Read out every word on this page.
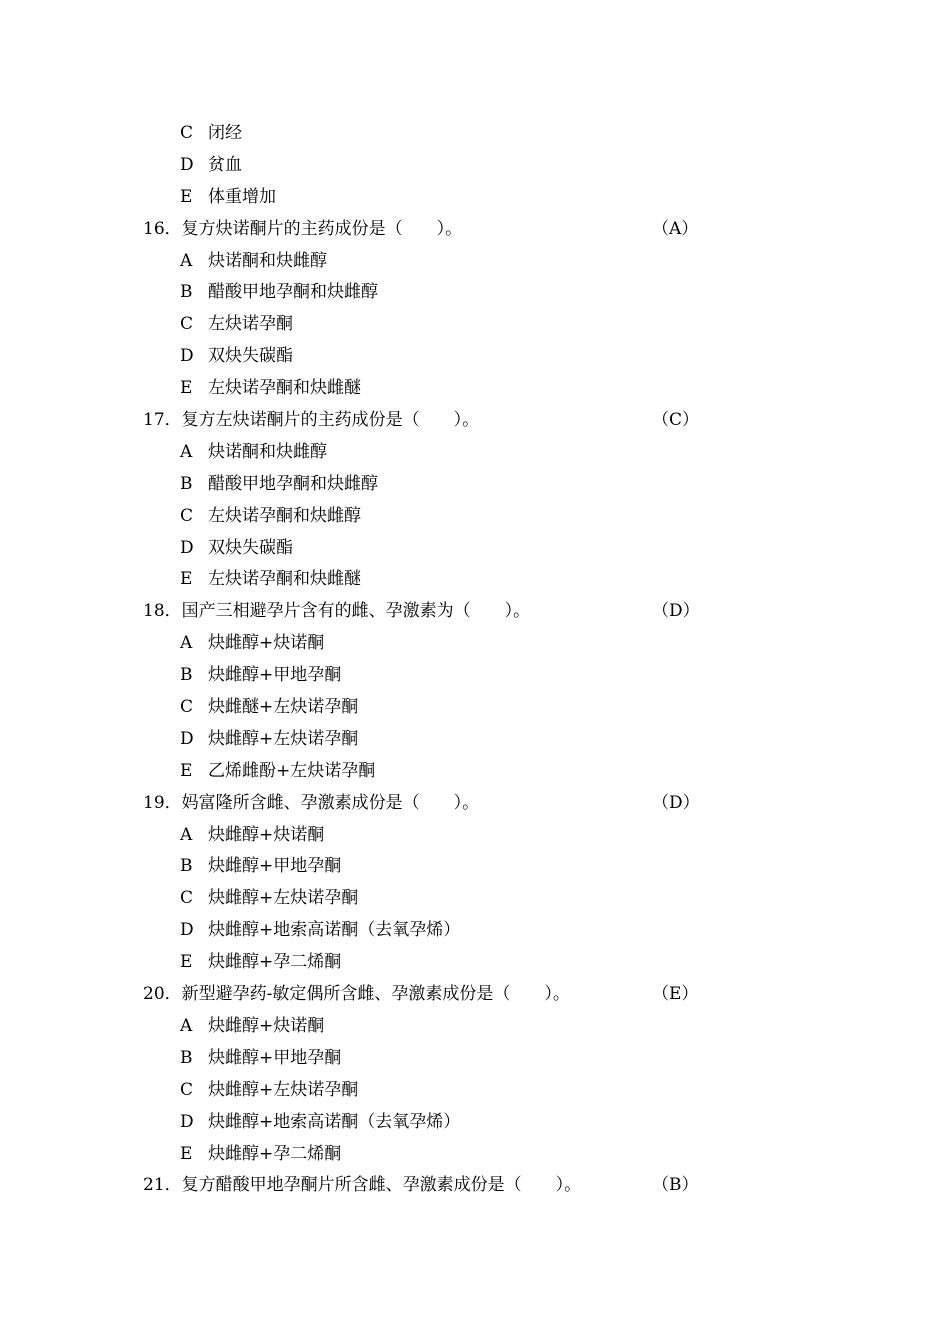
C 闭经
D 贫血
E 体重增加
16．复方炔诺酮片的主药成份是（　　）。	（A）
A 炔诺酮和炔雌醇
B 醋酸甲地孕酮和炔雌醇
C 左炔诺孕酮
D 双炔失碳酯
E 左炔诺孕酮和炔雌醚
17．复方左炔诺酮片的主药成份是（　　）。	（C）
A 炔诺酮和炔雌醇
B 醋酸甲地孕酮和炔雌醇
C 左炔诺孕酮和炔雌醇
D 双炔失碳酯
E 左炔诺孕酮和炔雌醚
18．国产三相避孕片含有的雌、孕激素为（　　）。	（D）
A 炔雌醇+炔诺酮
B 炔雌醇+甲地孕酮
C 炔雌醚+左炔诺孕酮
D 炔雌醇+左炔诺孕酮
E 乙烯雌酚+左炔诺孕酮
19．妈富隆所含雌、孕激素成份是（　　）。	（D）
A 炔雌醇+炔诺酮
B 炔雌醇+甲地孕酮
C 炔雌醇+左炔诺孕酮
D 炔雌醇+地索高诺酮（去氧孕烯）
E 炔雌醇+孕二烯酮
20．新型避孕药-敏定偶所含雌、孕激素成份是（　　）。	（E）
A 炔雌醇+炔诺酮
B 炔雌醇+甲地孕酮
C 炔雌醇+左炔诺孕酮
D 炔雌醇+地索高诺酮（去氧孕烯）
E 炔雌醇+孕二烯酮
21．复方醋酸甲地孕酮片所含雌、孕激素成份是（　　）。	（B）
